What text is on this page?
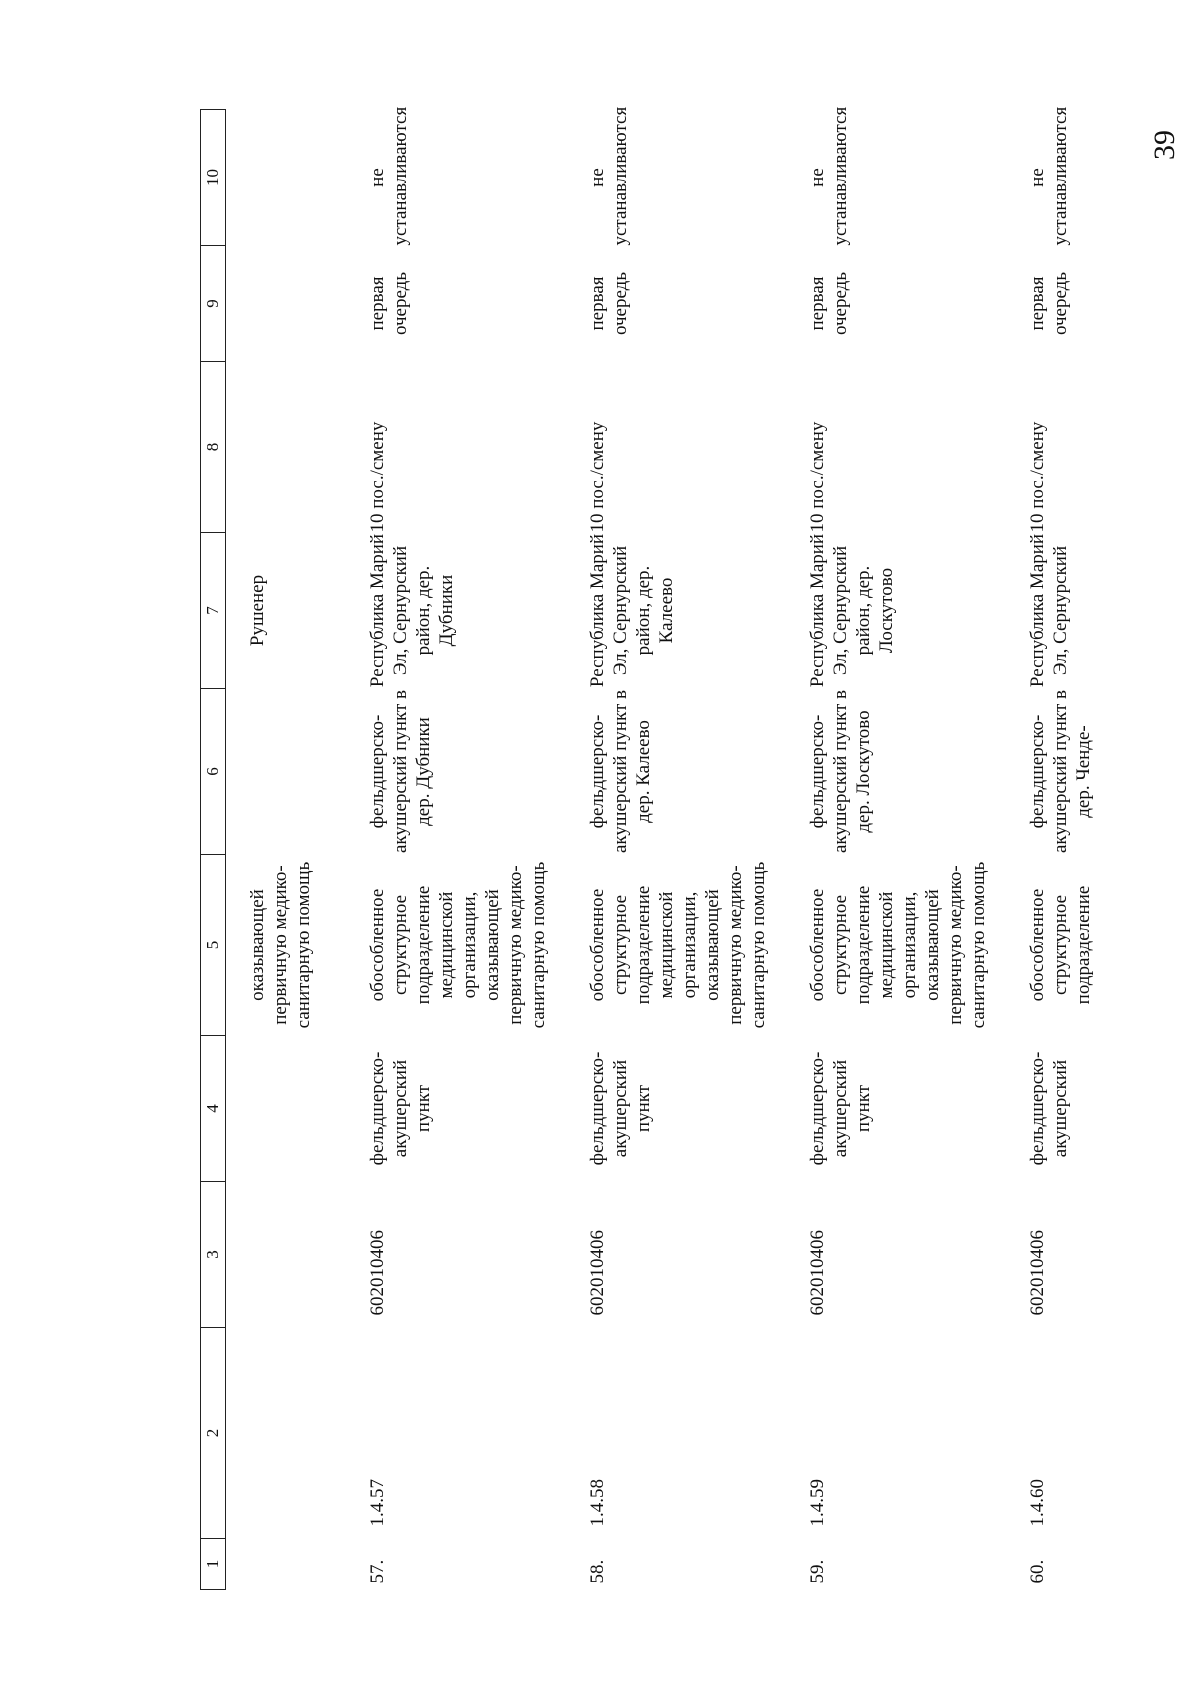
39
1	2	3	4	5	6	7	8	9	10
				оказывающей первичную медико-санитарную помощь		Рушенер			
57.	1.4.57	602010406	фельдшерско-акушерский пункт	обособленное структурное подразделение медицинской организации, оказывающей первичную медико-санитарную помощь	фельдшерско-акушерский пункт в дер. Дубники	Республика Марий Эл, Сернурский район, дер. Дубники	10 пос./смену	первая очередь	не устанавливаются
58.	1.4.58	602010406	фельдшерско-акушерский пункт	обособленное структурное подразделение медицинской организации, оказывающей первичную медико-санитарную помощь	фельдшерско-акушерский пункт в дер. Калеево	Республика Марий Эл, Сернурский район, дер. Калеево	10 пос./смену	первая очередь	не устанавливаются
59.	1.4.59	602010406	фельдшерско-акушерский пункт	обособленное структурное подразделение медицинской организации, оказывающей первичную медико-санитарную помощь	фельдшерско-акушерский пункт в дер. Лоскутово	Республика Марий Эл, Сернурский район, дер. Лоскутово	10 пос./смену	первая очередь	не устанавливаются
60.	1.4.60	602010406	фельдшерско-акушерский	обособленное структурное подразделение	фельдшерско-акушерский пункт в дер. Ченде-	Республика Марий Эл, Сернурский	10 пос./смену	первая очередь	не устанавливаются
